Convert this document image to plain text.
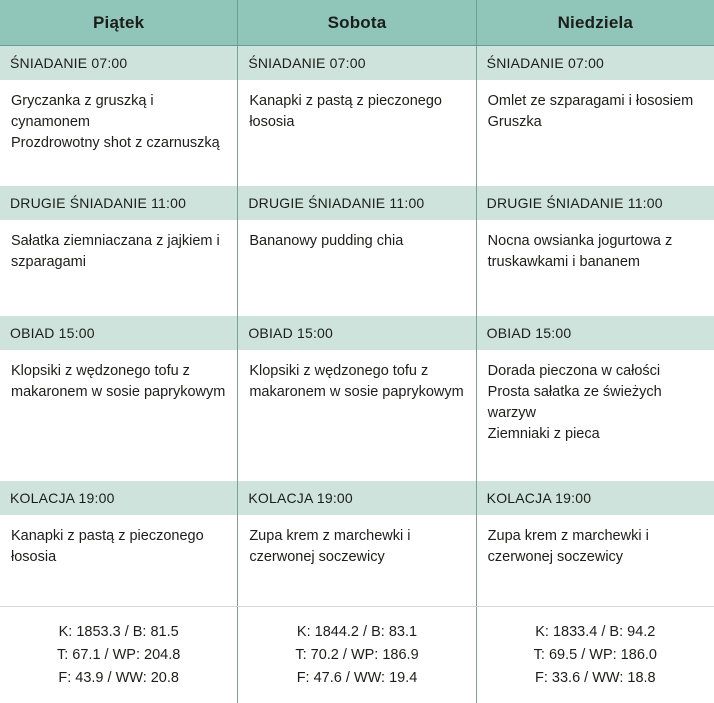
Piątek	Sobota	Niedziela
ŚNIADANIE 07:00
Gryczanka z gruszką i cynamonem
Prozdrowotny shot z czarnuszką
DRUGIE ŚNIADANIE 11:00
Sałatka ziemniaczana z jajkiem i szparagami
OBIAD 15:00
Klopsiki z wędzonego tofu z makaronem w sosie paprykowym
KOLACJA 19:00
Kanapki z pastą z pieczonego łososia
ŚNIADANIE 07:00
Kanapki z pastą z pieczonego łososia
DRUGIE ŚNIADANIE 11:00
Bananowy pudding chia
OBIAD 15:00
Klopsiki z wędzonego tofu z makaronem w sosie paprykowym
KOLACJA 19:00
Zupa krem z marchewki i czerwonej soczewicy
ŚNIADANIE 07:00
Omlet ze szparagami i łososiem
Gruszka
DRUGIE ŚNIADANIE 11:00
Nocna owsianka jogurtowa z truskawkami i bananem
OBIAD 15:00
Dorada pieczona w całości
Prosta sałatka ze świeżych warzyw
Ziemniaki z pieca
KOLACJA 19:00
Zupa krem z marchewki i czerwonej soczewicy
K: 1853.3 / B: 81.5
T: 67.1 / WP: 204.8
F: 43.9 / WW: 20.8
K: 1844.2 / B: 83.1
T: 70.2 / WP: 186.9
F: 47.6 / WW: 19.4
K: 1833.4 / B: 94.2
T: 69.5 / WP: 186.0
F: 33.6 / WW: 18.8
